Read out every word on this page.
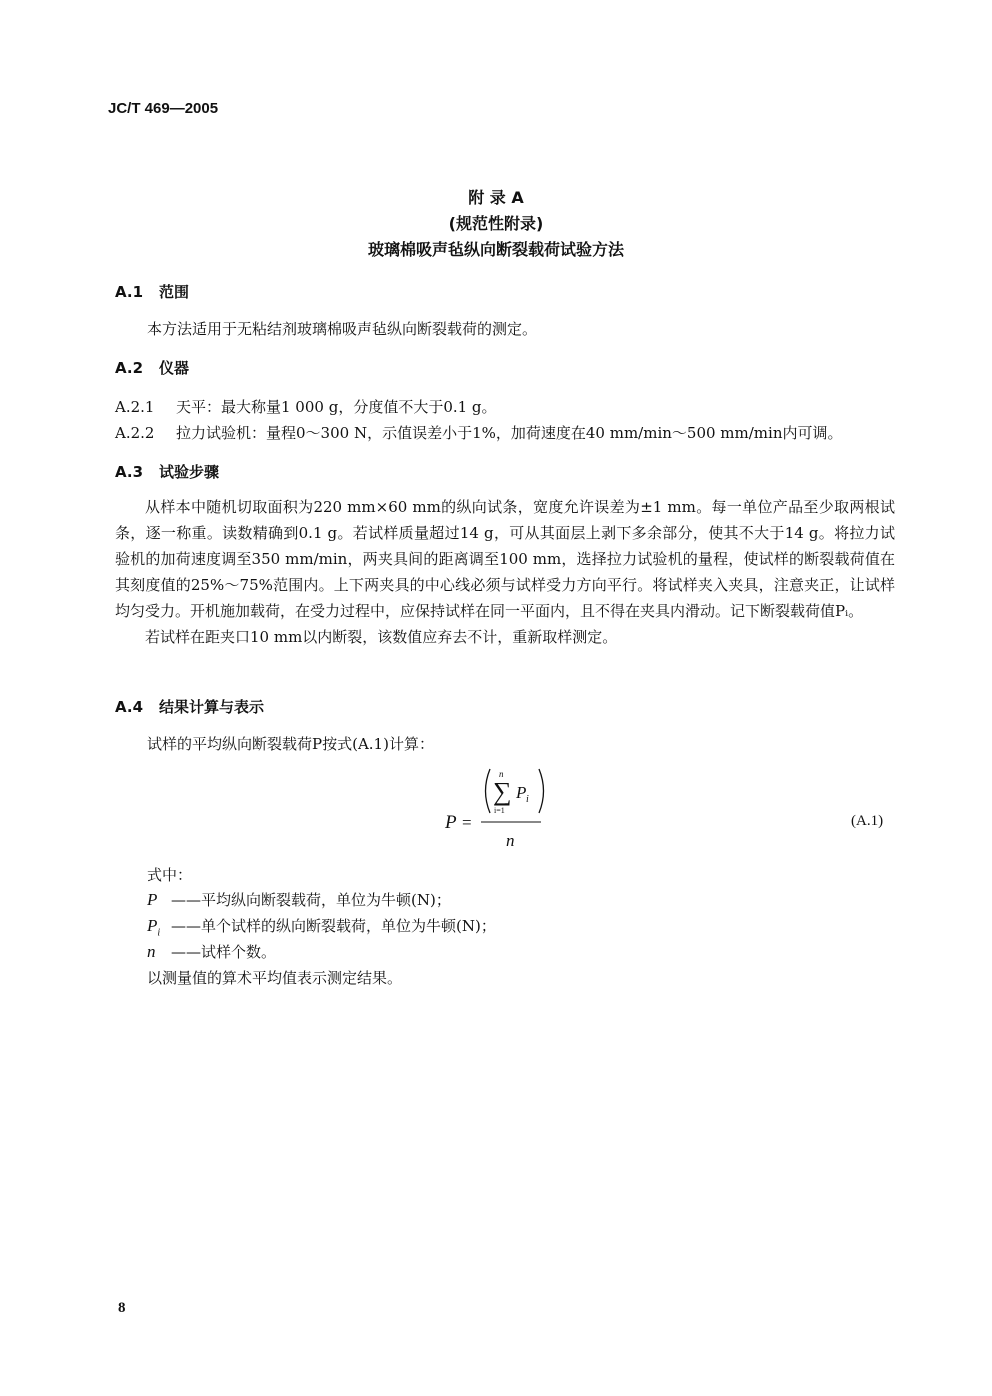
JC/T 469—2005
附 录 A
(规范性附录)
玻璃棉吸声毡纵向断裂载荷试验方法
A.1 范围
本方法适用于无粘结剂玻璃棉吸声毡纵向断裂载荷的测定。
A.2 仪器
A.2.1 天平：最大称量1 000 g，分度值不大于0.1 g。
A.2.2 拉力试验机：量程0～300 N，示值误差小于1%，加荷速度在40 mm/min～500 mm/min内可调。
A.3 试验步骤

从样本中随机切取面积为220 mm×60 mm的纵向试条，宽度允许误差为±1 mm。每一单位产品至少取两根试条，逐一称重。读数精确到0.1 g。若试样质量超过14 g，可从其面层上剥下多余部分，使其不大于14 g。将拉力试验机的加荷速度调至350 mm/min，两夹具间的距离调至100 mm，选择拉力试验机的量程，使试样的断裂载荷值在其刻度值的25%～75%范围内。上下两夹具的中心线必须与试样受力方向平行。将试样夹入夹具，注意夹正，让试样均匀受力。开机施加载荷，在受力过程中，应保持试样在同一平面内，且不得在夹具内滑动。记下断裂载荷值Pᵢ。

若试样在距夹口10 mm以内断裂，该数值应弃去不计，重新取样测定。

A.4 结果计算与表示
试样的平均纵向断裂载荷P按式(A.1)计算：
P =
n
∑
i=1
P i
n
(A.1)
式中：
P ——平均纵向断裂载荷，单位为牛顿(N)；
$P_i$ ——单个试样的纵向断裂载荷，单位为牛顿(N)；
n ——试样个数。
以测量值的算术平均值表示测定结果。
8
